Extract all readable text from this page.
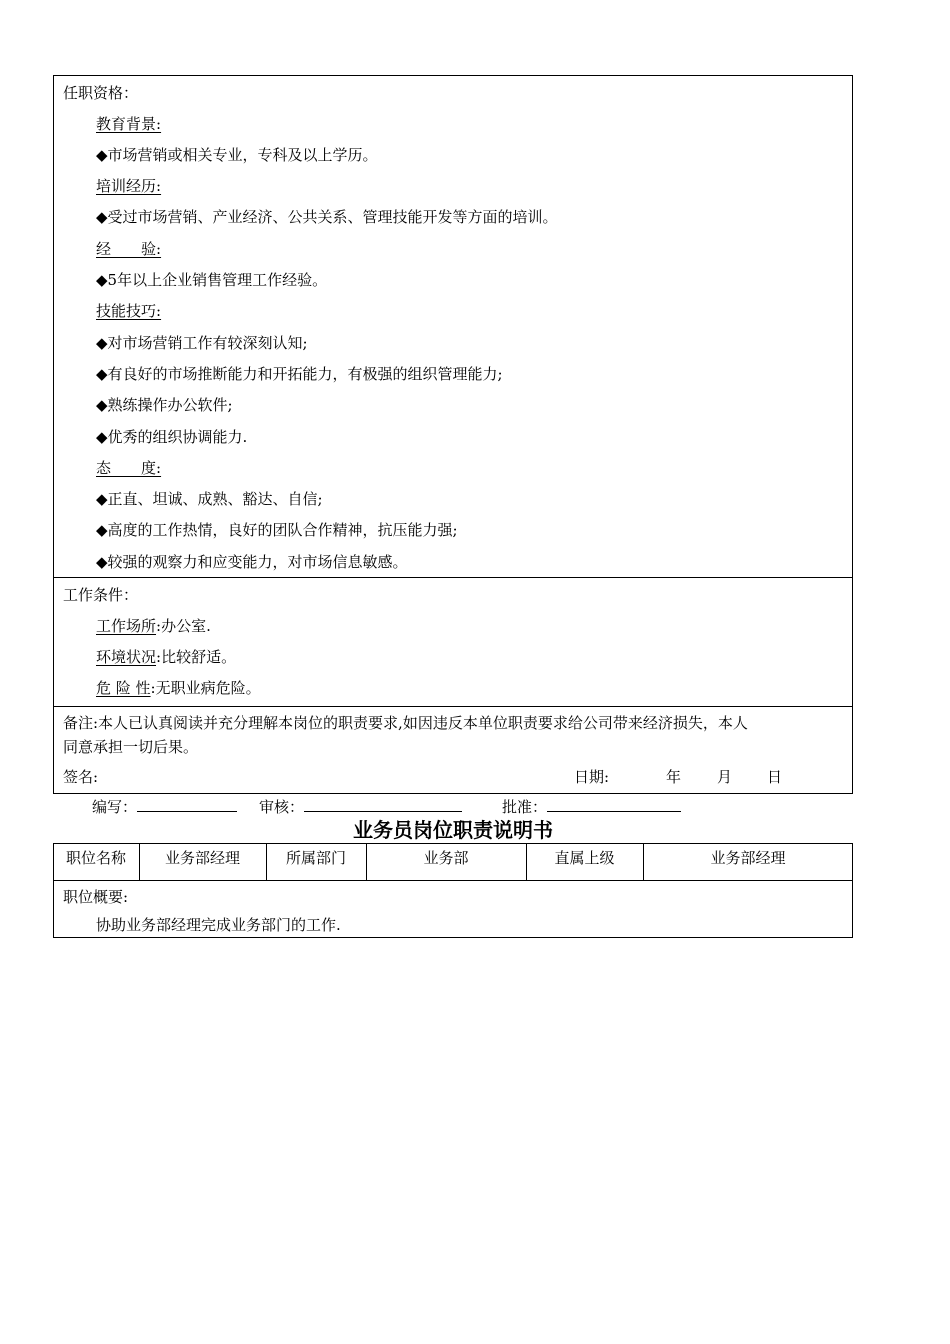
任职资格：
教育背景:
◆市场营销或相关专业，专科及以上学历。
培训经历:
◆受过市场营销、产业经济、公共关系、管理技能开发等方面的培训。
经　　验:
◆5年以上企业销售管理工作经验。
技能技巧:
◆对市场营销工作有较深刻认知;
◆有良好的市场推断能力和开拓能力，有极强的组织管理能力;
◆熟练操作办公软件;
◆优秀的组织协调能力.
态　　度:
◆正直、坦诚、成熟、豁达、自信;
◆高度的工作热情，良好的团队合作精神，抗压能力强;
◆较强的观察力和应变能力，对市场信息敏感。
工作条件：
工作场所:办公室.
环境状况:比较舒适。
危 险 性:无职业病危险。
备注:本人已认真阅读并充分理解本岗位的职责要求,如因违反本单位职责要求给公司带来经济损失，本人
同意承担一切后果。
签名:	日期:	年 月 日
编写：	审核：	批准：
业务员岗位职责说明书
职位名称	业务部经理	所属部门	业务部	直属上级	业务部经理
职位概要:
协助业务部经理完成业务部门的工作.
